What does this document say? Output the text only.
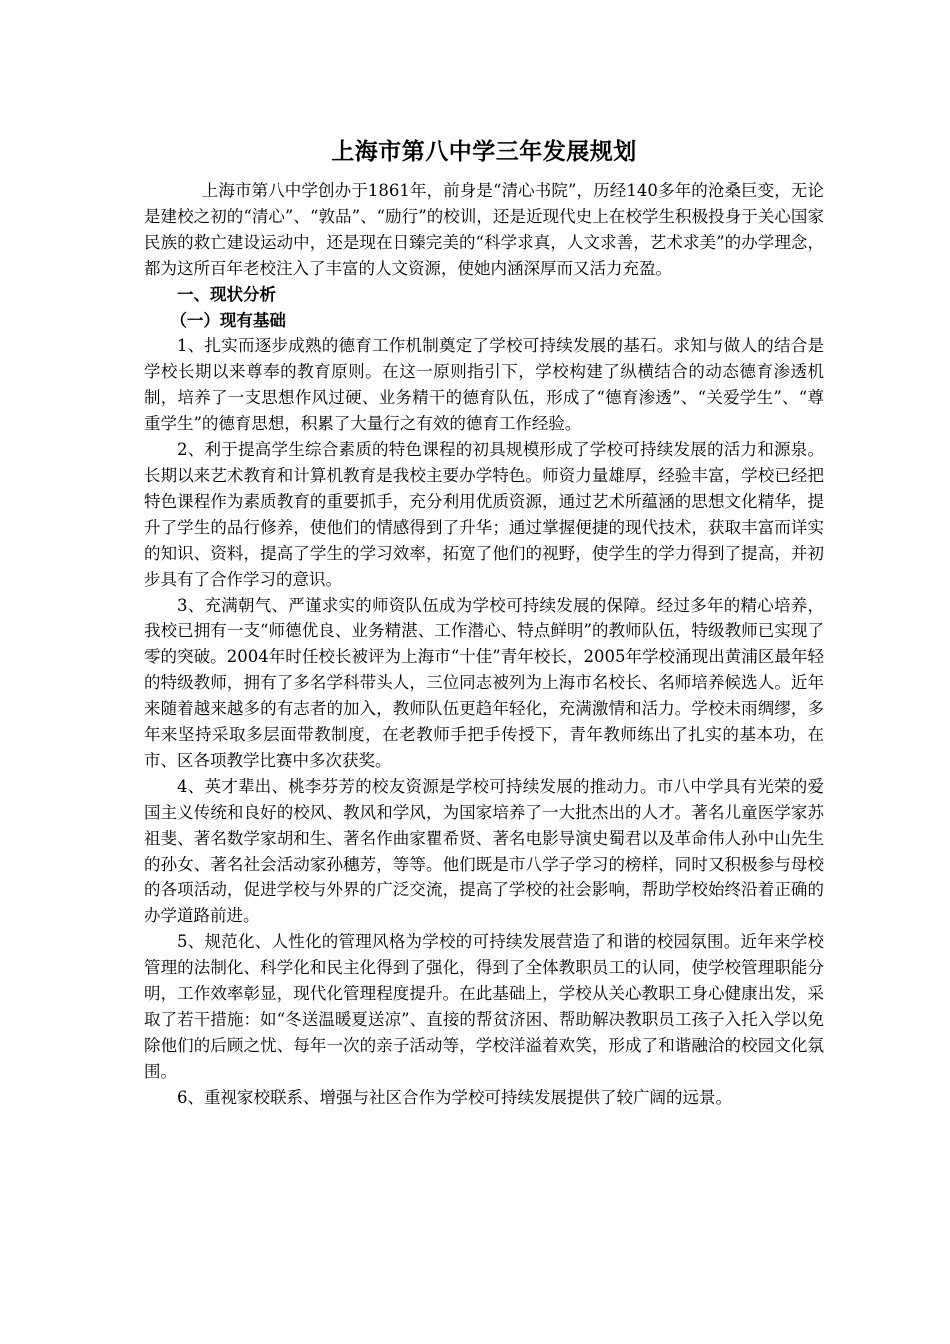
上海市第八中学三年发展规划

上海市第八中学创办于1861年，前身是“清心书院”，历经140多年的沧桑巨变，无论是建校之初的“清心”、“敦品”、“励行”的校训，还是近现代史上在校学生积极投身于关心国家民族的救亡建设运动中，还是现在日臻完美的“科学求真，人文求善，艺术求美”的办学理念，都为这所百年老校注入了丰富的人文资源，使她内涵深厚而又活力充盈。

一、现状分析

（一）现有基础

1、扎实而逐步成熟的德育工作机制奠定了学校可持续发展的基石。求知与做人的结合是学校长期以来尊奉的教育原则。在这一原则指引下，学校构建了纵横结合的动态德育渗透机制，培养了一支思想作风过硬、业务精干的德育队伍，形成了“德育渗透”、“关爱学生”、“尊重学生”的德育思想，积累了大量行之有效的德育工作经验。

2、利于提高学生综合素质的特色课程的初具规模形成了学校可持续发展的活力和源泉。长期以来艺术教育和计算机教育是我校主要办学特色。师资力量雄厚，经验丰富，学校已经把特色课程作为素质教育的重要抓手，充分利用优质资源，通过艺术所蕴涵的思想文化精华，提升了学生的品行修养，使他们的情感得到了升华；通过掌握便捷的现代技术，获取丰富而详实的知识、资料，提高了学生的学习效率，拓宽了他们的视野，使学生的学力得到了提高，并初步具有了合作学习的意识。

3、充满朝气、严谨求实的师资队伍成为学校可持续发展的保障。经过多年的精心培养，我校已拥有一支“师德优良、业务精湛、工作潜心、特点鲜明”的教师队伍，特级教师已实现了零的突破。2004年时任校长被评为上海市“十佳”青年校长，2005年学校涌现出黄浦区最年轻的特级教师，拥有了多名学科带头人，三位同志被列为上海市名校长、名师培养候选人。近年来随着越来越多的有志者的加入，教师队伍更趋年轻化，充满激情和活力。学校未雨绸缪，多年来坚持采取多层面带教制度，在老教师手把手传授下，青年教师练出了扎实的基本功，在市、区各项教学比赛中多次获奖。

4、英才辈出、桃李芬芳的校友资源是学校可持续发展的推动力。市八中学具有光荣的爱国主义传统和良好的校风、教风和学风，为国家培养了一大批杰出的人才。著名儿童医学家苏祖斐、著名数学家胡和生、著名作曲家瞿希贤、著名电影导演史蜀君以及革命伟人孙中山先生的孙女、著名社会活动家孙穗芳，等等。他们既是市八学子学习的榜样，同时又积极参与母校的各项活动，促进学校与外界的广泛交流，提高了学校的社会影响，帮助学校始终沿着正确的办学道路前进。

5、规范化、人性化的管理风格为学校的可持续发展营造了和谐的校园氛围。近年来学校管理的法制化、科学化和民主化得到了强化，得到了全体教职员工的认同，使学校管理职能分明，工作效率彰显，现代化管理程度提升。在此基础上，学校从关心教职工身心健康出发，采取了若干措施：如“冬送温暖夏送凉”、直接的帮贫济困、帮助解决教职员工孩子入托入学以免除他们的后顾之忧、每年一次的亲子活动等，学校洋溢着欢笑，形成了和谐融洽的校园文化氛围。

6、重视家校联系、增强与社区合作为学校可持续发展提供了较广阔的远景。
